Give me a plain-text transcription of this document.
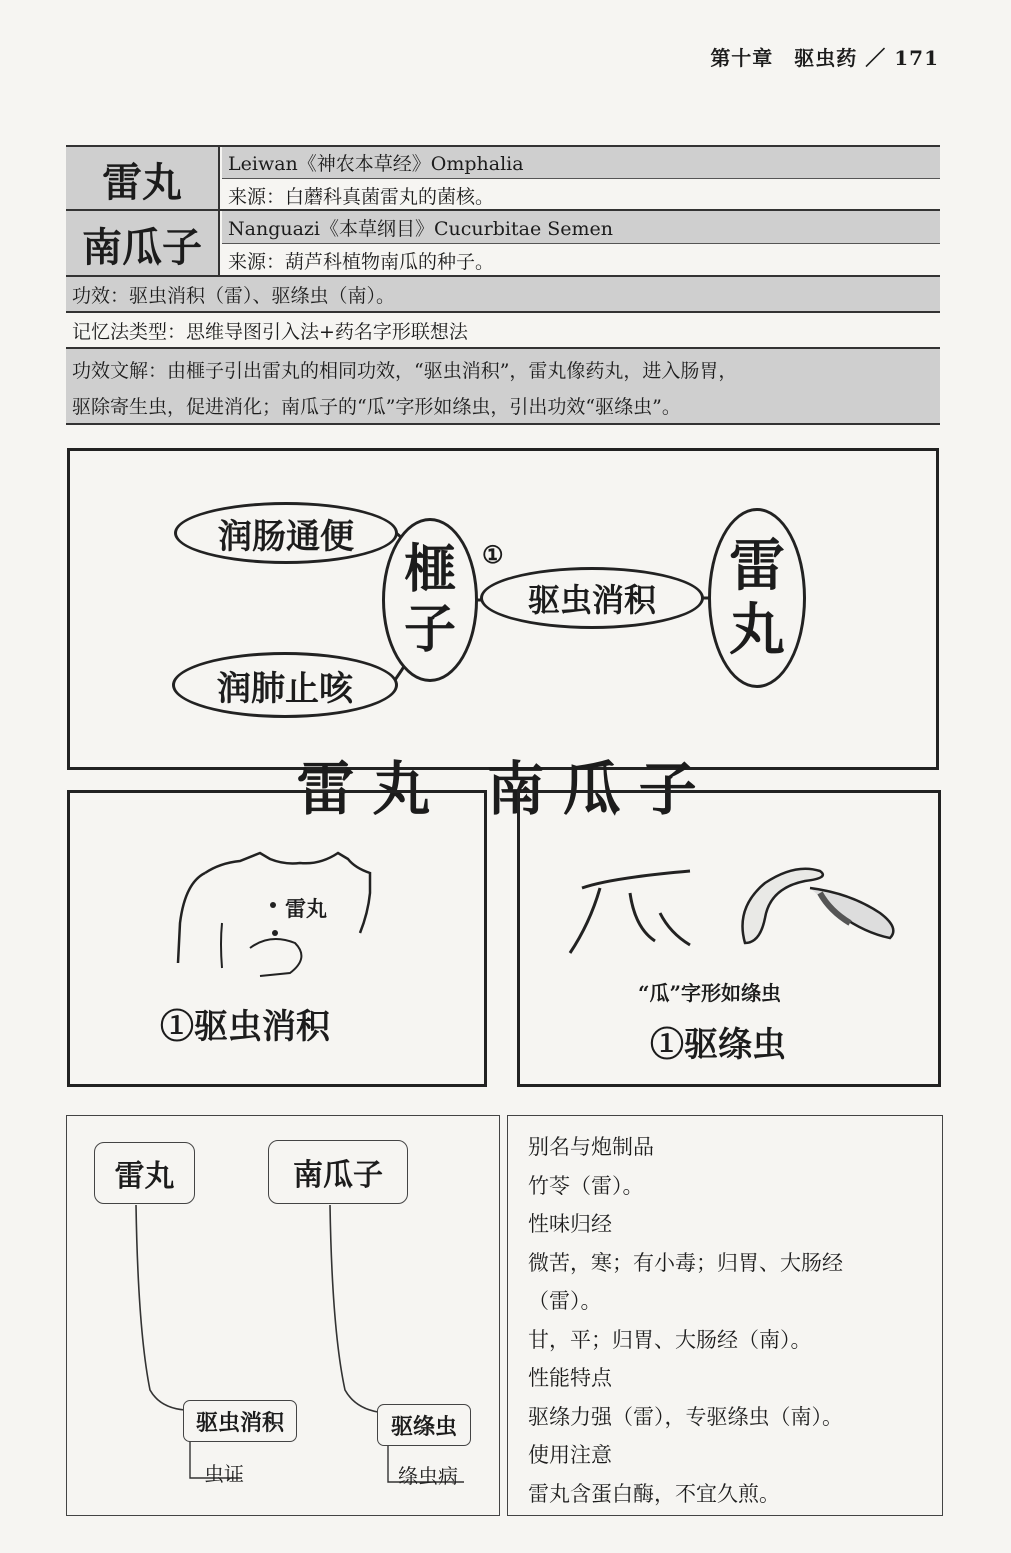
第十章　驱虫药 ／ 171
雷丸	Leiwan《神农本草经》Omphalia
来源：白蘑科真菌雷丸的菌核。
南瓜子	Nanguazi《本草纲目》Cucurbitae Semen
来源：葫芦科植物南瓜的种子。
功效：驱虫消积（雷）、驱绦虫（南）。
记忆法类型：思维导图引入法+药名字形联想法
功效文解：由榧子引出雷丸的相同功效，“驱虫消积”，雷丸像药丸，进入肠胃，
驱除寄生虫，促进消化；南瓜子的“瓜”字形如绦虫，引出功效“驱绦虫”。
润肠通便
润肺止咳
榧
子
①
驱虫消积
雷
丸
雷丸 南瓜子
雷丸
①驱虫消积
“瓜”字形如绦虫
①驱绦虫
雷丸	南瓜子
驱虫消积
虫证
驱绦虫
绦虫病

别名与炮制品

竹苓（雷）。

性味归经

微苦，寒；有小毒；归胃、大肠经

（雷）。

甘，平；归胃、大肠经（南）。

性能特点

驱绦力强（雷），专驱绦虫（南）。

使用注意

雷丸含蛋白酶，不宜久煎。
